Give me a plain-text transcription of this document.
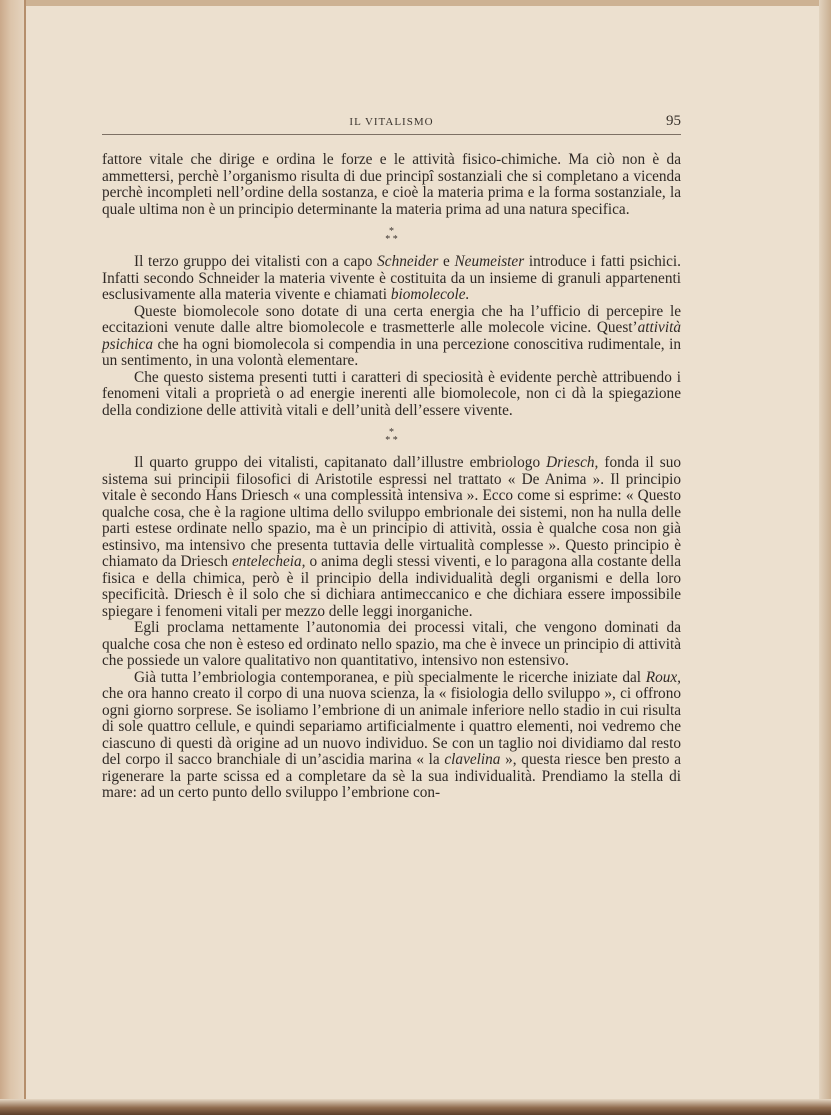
IL VITALISMO	95

fattore vitale che dirige e ordina le forze e le attività fisico-chimiche. Ma ciò non è da ammettersi, perchè l’organismo risulta di due principî sostanziali che si completano a vicenda perchè incompleti nell’ordine della sostanza, e cioè la materia prima e la forma sostanziale, la quale ultima non è un principio determinante la materia prima ad una natura specifica.

*
* *

Il terzo gruppo dei vitalisti con a capo Schneider e Neumeister introduce i fatti psichici. Infatti secondo Schneider la materia vivente è costituita da un insieme di granuli appartenenti esclusivamente alla materia vivente e chiamati biomolecole.

Queste biomolecole sono dotate di una certa energia che ha l’ufficio di percepire le eccitazioni venute dalle altre biomolecole e trasmetterle alle molecole vicine. Quest’attività psichica che ha ogni biomolecola si compendia in una percezione conoscitiva rudimentale, in un sentimento, in una volontà elementare.

Che questo sistema presenti tutti i caratteri di speciosità è evidente perchè attribuendo i fenomeni vitali a proprietà o ad energie inerenti alle biomolecole, non ci dà la spiegazione della condizione delle attività vitali e dell’unità dell’essere vivente.

*
* *

Il quarto gruppo dei vitalisti, capitanato dall’illustre embriologo Driesch, fonda il suo sistema sui principii filosofici di Aristotile espressi nel trattato « De Anima ». Il principio vitale è secondo Hans Driesch « una complessità intensiva ». Ecco come si esprime: « Questo qualche cosa, che è la ragione ultima dello sviluppo embrionale dei sistemi, non ha nulla delle parti estese ordinate nello spazio, ma è un principio di attività, ossia è qualche cosa non già estinsivo, ma intensivo che presenta tuttavia delle virtualità complesse ». Questo principio è chiamato da Driesch entelecheia, o anima degli stessi viventi, e lo paragona alla costante della fisica e della chimica, però è il principio della individualità degli organismi e della loro specificità. Driesch è il solo che si dichiara antimeccanico e che dichiara essere impossibile spiegare i fenomeni vitali per mezzo delle leggi inorganiche.

Egli proclama nettamente l’autonomia dei processi vitali, che vengono dominati da qualche cosa che non è esteso ed ordinato nello spazio, ma che è invece un principio di attività che possiede un valore qualitativo non quantitativo, intensivo non estensivo.

Già tutta l’embriologia contemporanea, e più specialmente le ricerche iniziate dal Roux, che ora hanno creato il corpo di una nuova scienza, la « fisiologia dello sviluppo », ci offrono ogni giorno sorprese. Se isoliamo l’embrione di un animale inferiore nello stadio in cui risulta di sole quattro cellule, e quindi separiamo artificialmente i quattro elementi, noi vedremo che ciascuno di questi dà origine ad un nuovo individuo. Se con un taglio noi dividiamo dal resto del corpo il sacco branchiale di un’ascidia marina « la clavelina », questa riesce ben presto a rigenerare la parte scissa ed a completare da sè la sua individualità. Prendiamo la stella di mare: ad un certo punto dello sviluppo l’embrione con-
